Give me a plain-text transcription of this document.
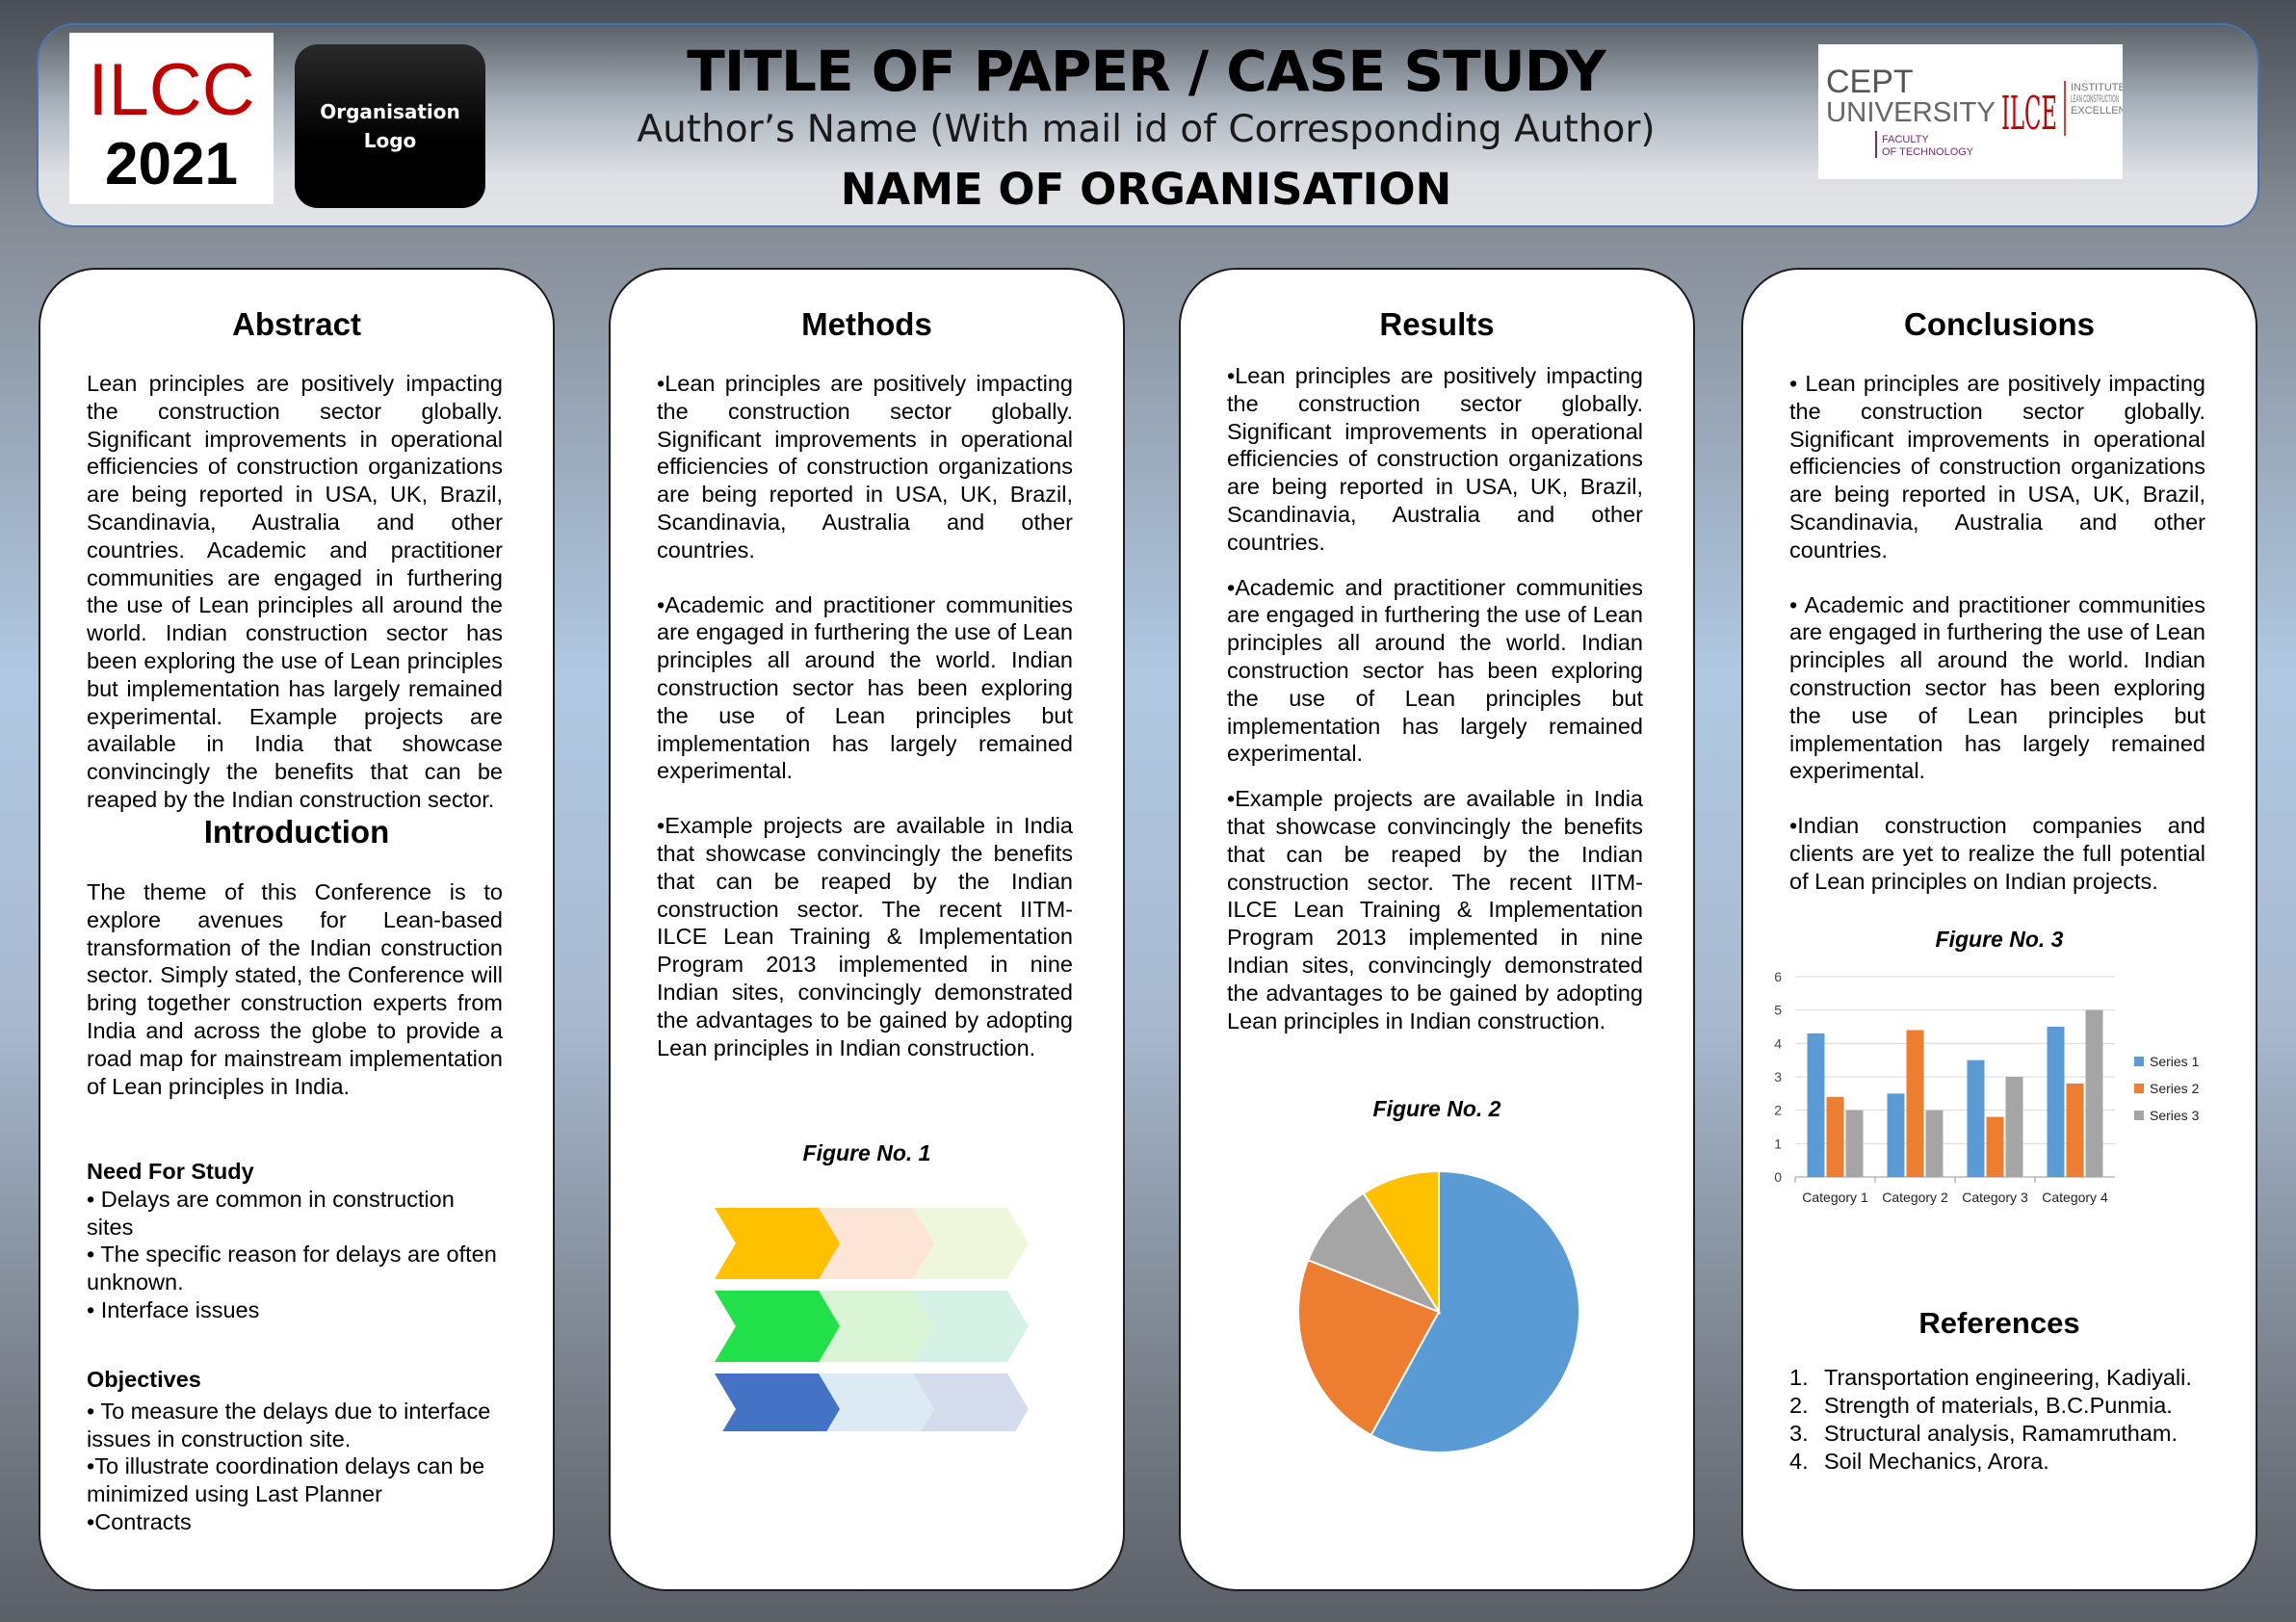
ILCC
2021
Organisation
Logo
TITLE OF PAPER / CASE STUDY
Author’s Name (With mail id of Corresponding Author)
NAME OF ORGANISATION
CEPT
UNIVERSITY
FACULTY
OF TECHNOLOGY
ILCE INSTITUTE
LEAN CONSTRUCTION
EXCELLEN
Abstract
Lean principles are positively impacting the construction sector globally. Significant improvements in operational efficiencies of construction organizations are being reported in USA, UK, Brazil, Scandinavia, Australia and other countries. Academic and practitioner communities are engaged in furthering the use of Lean principles all around the world. Indian construction sector has been exploring the use of Lean principles but implementation has largely remained experimental. Example projects are available in India that showcase convincingly the benefits that can be reaped by the Indian construction sector.
Introduction
The theme of this Conference is to explore avenues for Lean-based transformation of the Indian construction sector. Simply stated, the Conference will bring together construction experts from India and across the globe to provide a road map for mainstream implementation of Lean principles in India.

Need For Study

• Delays are common in construction sites

• The specific reason for delays are often unknown.

• Interface issues

Objectives

• To measure the delays due to interface issues in construction site.

•To illustrate coordination delays can be minimized using Last Planner

•Contracts

Methods

•Lean principles are positively impacting the construction sector globally. Significant improvements in operational efficiencies of construction organizations are being reported in USA, UK, Brazil, Scandinavia, Australia and other countries.

•Academic and practitioner communities are engaged in furthering the use of Lean principles all around the world. Indian construction sector has been exploring the use of Lean principles but implementation has largely remained experimental.

•Example projects are available in India that showcase convincingly the benefits that can be reaped by the Indian construction sector. The recent IITM-ILCE Lean Training & Implementation Program 2013 implemented in nine Indian sites, convincingly demonstrated the advantages to be gained by adopting Lean principles in Indian construction.

Figure No. 1
Results

•Lean principles are positively impacting the construction sector globally. Significant improvements in operational efficiencies of construction organizations are being reported in USA, UK, Brazil, Scandinavia, Australia and other countries.

•Academic and practitioner communities are engaged in furthering the use of Lean principles all around the world. Indian construction sector has been exploring the use of Lean principles but implementation has largely remained experimental.

•Example projects are available in India that showcase convincingly the benefits that can be reaped by the Indian construction sector. The recent IITM-ILCE Lean Training & Implementation Program 2013 implemented in nine Indian sites, convincingly demonstrated the advantages to be gained by adopting Lean principles in Indian construction.

Figure No. 2
Conclusions

• Lean principles are positively impacting the construction sector globally. Significant improvements in operational efficiencies of construction organizations are being reported in USA, UK, Brazil, Scandinavia, Australia and other countries.

• Academic and practitioner communities are engaged in furthering the use of Lean principles all around the world. Indian construction sector has been exploring the use of Lean principles but implementation has largely remained experimental.

•Indian construction companies and clients are yet to realize the full potential of Lean principles on Indian projects.

Figure No. 3
0
1
2
3
4
5
6
Category 1 Category 2 Category 3 Category 4
Series 1
Series 2
Series 3
References
1. Transportation engineering, Kadiyali.
2. Strength of materials, B.C.Punmia.
3. Structural analysis, Ramamrutham.
4. Soil Mechanics, Arora.
